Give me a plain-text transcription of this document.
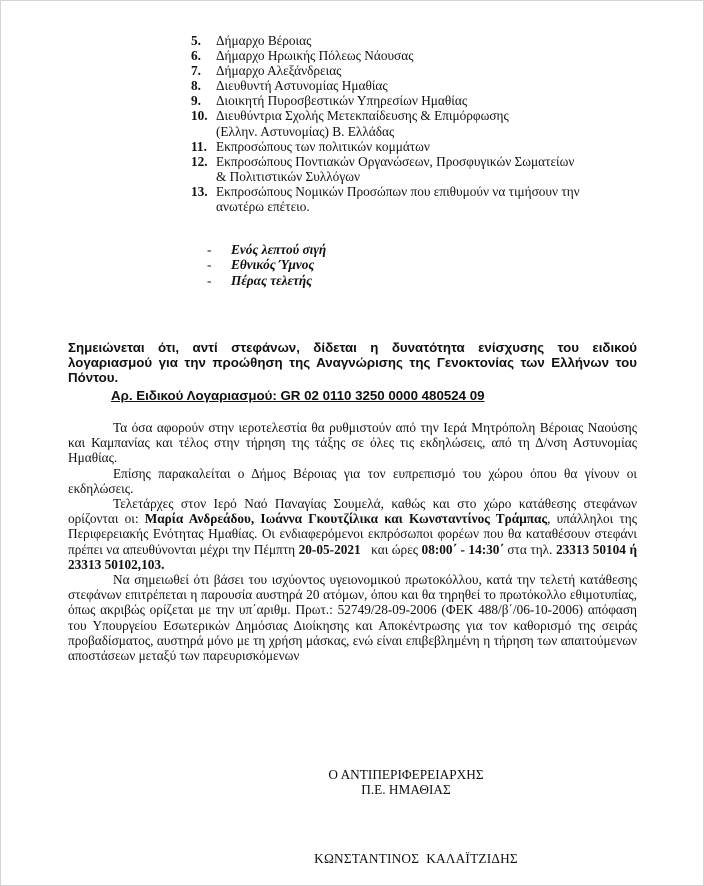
5.	Δήμαρχο Βέροιας
6.	Δήμαρχο Ηρωικής Πόλεως Νάουσας
7.	Δήμαρχο Αλεξάνδρειας
8.	Διευθυντή Αστυνομίας Ημαθίας
9.	Διοικητή Πυροσβεστικών Υπηρεσίων Ημαθίας
10. Διευθύντρια Σχολής Μετεκπαίδευσης & Επιμόρφωσης
(Ελλην. Αστυνομίας) Β. Ελλάδας
11. Εκπροσώπους των πολιτικών κομμάτων
12. Εκπροσώπους Ποντιακών Οργανώσεων, Προσφυγικών Σωματείων
& Πολιτιστικών Συλλόγων
13. Εκπροσώπους Νομικών Προσώπων που επιθυμούν να τιμήσουν την
ανωτέρω επέτειο.
-	Ενός λεπτού σιγή
-	Εθνικός Ύμνος
-	Πέρας τελετής
Σημειώνεται ότι, αντί στεφάνων, δίδεται η δυνατότητα ενίσχυσης του ειδικού λογαριασμού για την προώθηση της Αναγνώρισης της Γενοκτονίας των Ελλήνων του Πόντου.
Αρ. Ειδικού Λογαριασμού: GR 02 0110 3250 0000 480524 09

Τα όσα αφορούν στην ιεροτελεστία θα ρυθμιστούν από την Ιερά Μητρόπολη Βέροιας Ναούσης και Καμπανίας και τέλος στην τήρηση της τάξης σε όλες τις εκδηλώσεις, από τη Δ/νση Αστυνομίας Ημαθίας.

Επίσης παρακαλείται ο Δήμος Βέροιας για τον ευπρεπισμό του χώρου όπου θα γίνουν οι εκδηλώσεις.

Τελετάρχες στον Ιερό Ναό Παναγίας Σουμελά, καθώς και στο χώρο κατάθεσης στεφάνων ορίζονται οι: Μαρία Ανδρεάδου, Ιωάννα Γκουτζίλικα και Κωνσταντίνος Τράμπας, υπάλληλοι της Περιφερειακής Ενότητας Ημαθίας. Οι ενδιαφερόμενοι εκπρόσωποι φορέων που θα καταθέσουν στεφάνι πρέπει να απευθύνονται μέχρι την Πέμπτη 20-05-2021   και ώρες 08:00΄ - 14:30΄ στα τηλ. 23313 50104 ή 23313 50102,103.

Να σημειωθεί ότι βάσει του ισχύοντος υγειονομικού πρωτοκόλλου, κατά την τελετή κατάθεσης στεφάνων επιτρέπεται η παρουσία αυστηρά 20 ατόμων, όπου και θα τηρηθεί το πρωτόκολλο εθιμοτυπίας, όπως ακριβώς ορίζεται με την υπ΄αριθμ. Πρωτ.: 52749/28-09-2006 (ΦΕΚ 488/β΄/06-10-2006) απόφαση του Υπουργείου Εσωτερικών Δημόσιας Διοίκησης και Αποκέντρωσης για τον καθορισμό της σειράς προβαδίσματος, αυστηρά μόνο με τη χρήση μάσκας, ενώ είναι επιβεβλημένη η τήρηση των απαιτούμενων αποστάσεων μεταξύ των παρευρισκόμενων

Ο ΑΝΤΙΠΕΡΙΦΕΡΕΙΑΡΧΗΣ
Π.Ε. ΗΜΑΘΙΑΣ
ΚΩΝΣΤΑΝΤΙΝΟΣ  ΚΑΛΑΪΤΖΙΔΗΣ
